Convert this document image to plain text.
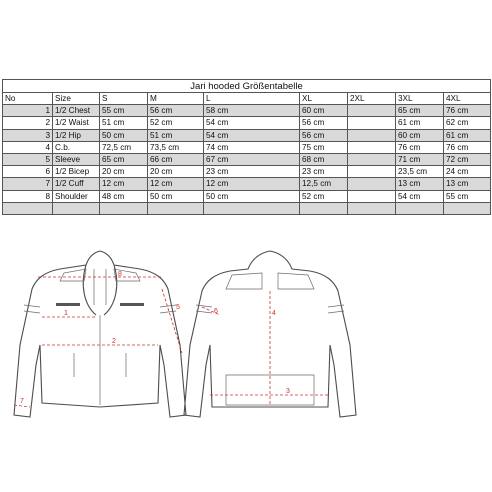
Jari hooded Größentabelle								
No	Size	S	M	L	XL	2XL	3XL	4XL
1	1/2 Chest	55 cm	56 cm	58 cm	60 cm		65 cm	76 cm
2	1/2 Waist	51 cm	52 cm	54 cm	56 cm		61 cm	62 cm
3	1/2 Hip	50 cm	51 cm	54 cm	56 cm		60 cm	61 cm
4	C.b.	72,5 cm	73,5 cm	74 cm	75 cm		76 cm	76 cm
5	Sleeve	65 cm	66 cm	67 cm	68 cm		71 cm	72 cm
6	1/2 Bicep	20 cm	20 cm	23 cm	23 cm		23,5 cm	24 cm
7	1/2 Cuff	12 cm	12 cm	12 cm	12,5 cm		13 cm	13 cm
8	Shoulder	48 cm	50 cm	50 cm	52 cm		54 cm	55 cm

8
5
1
2
7
6	4
3
